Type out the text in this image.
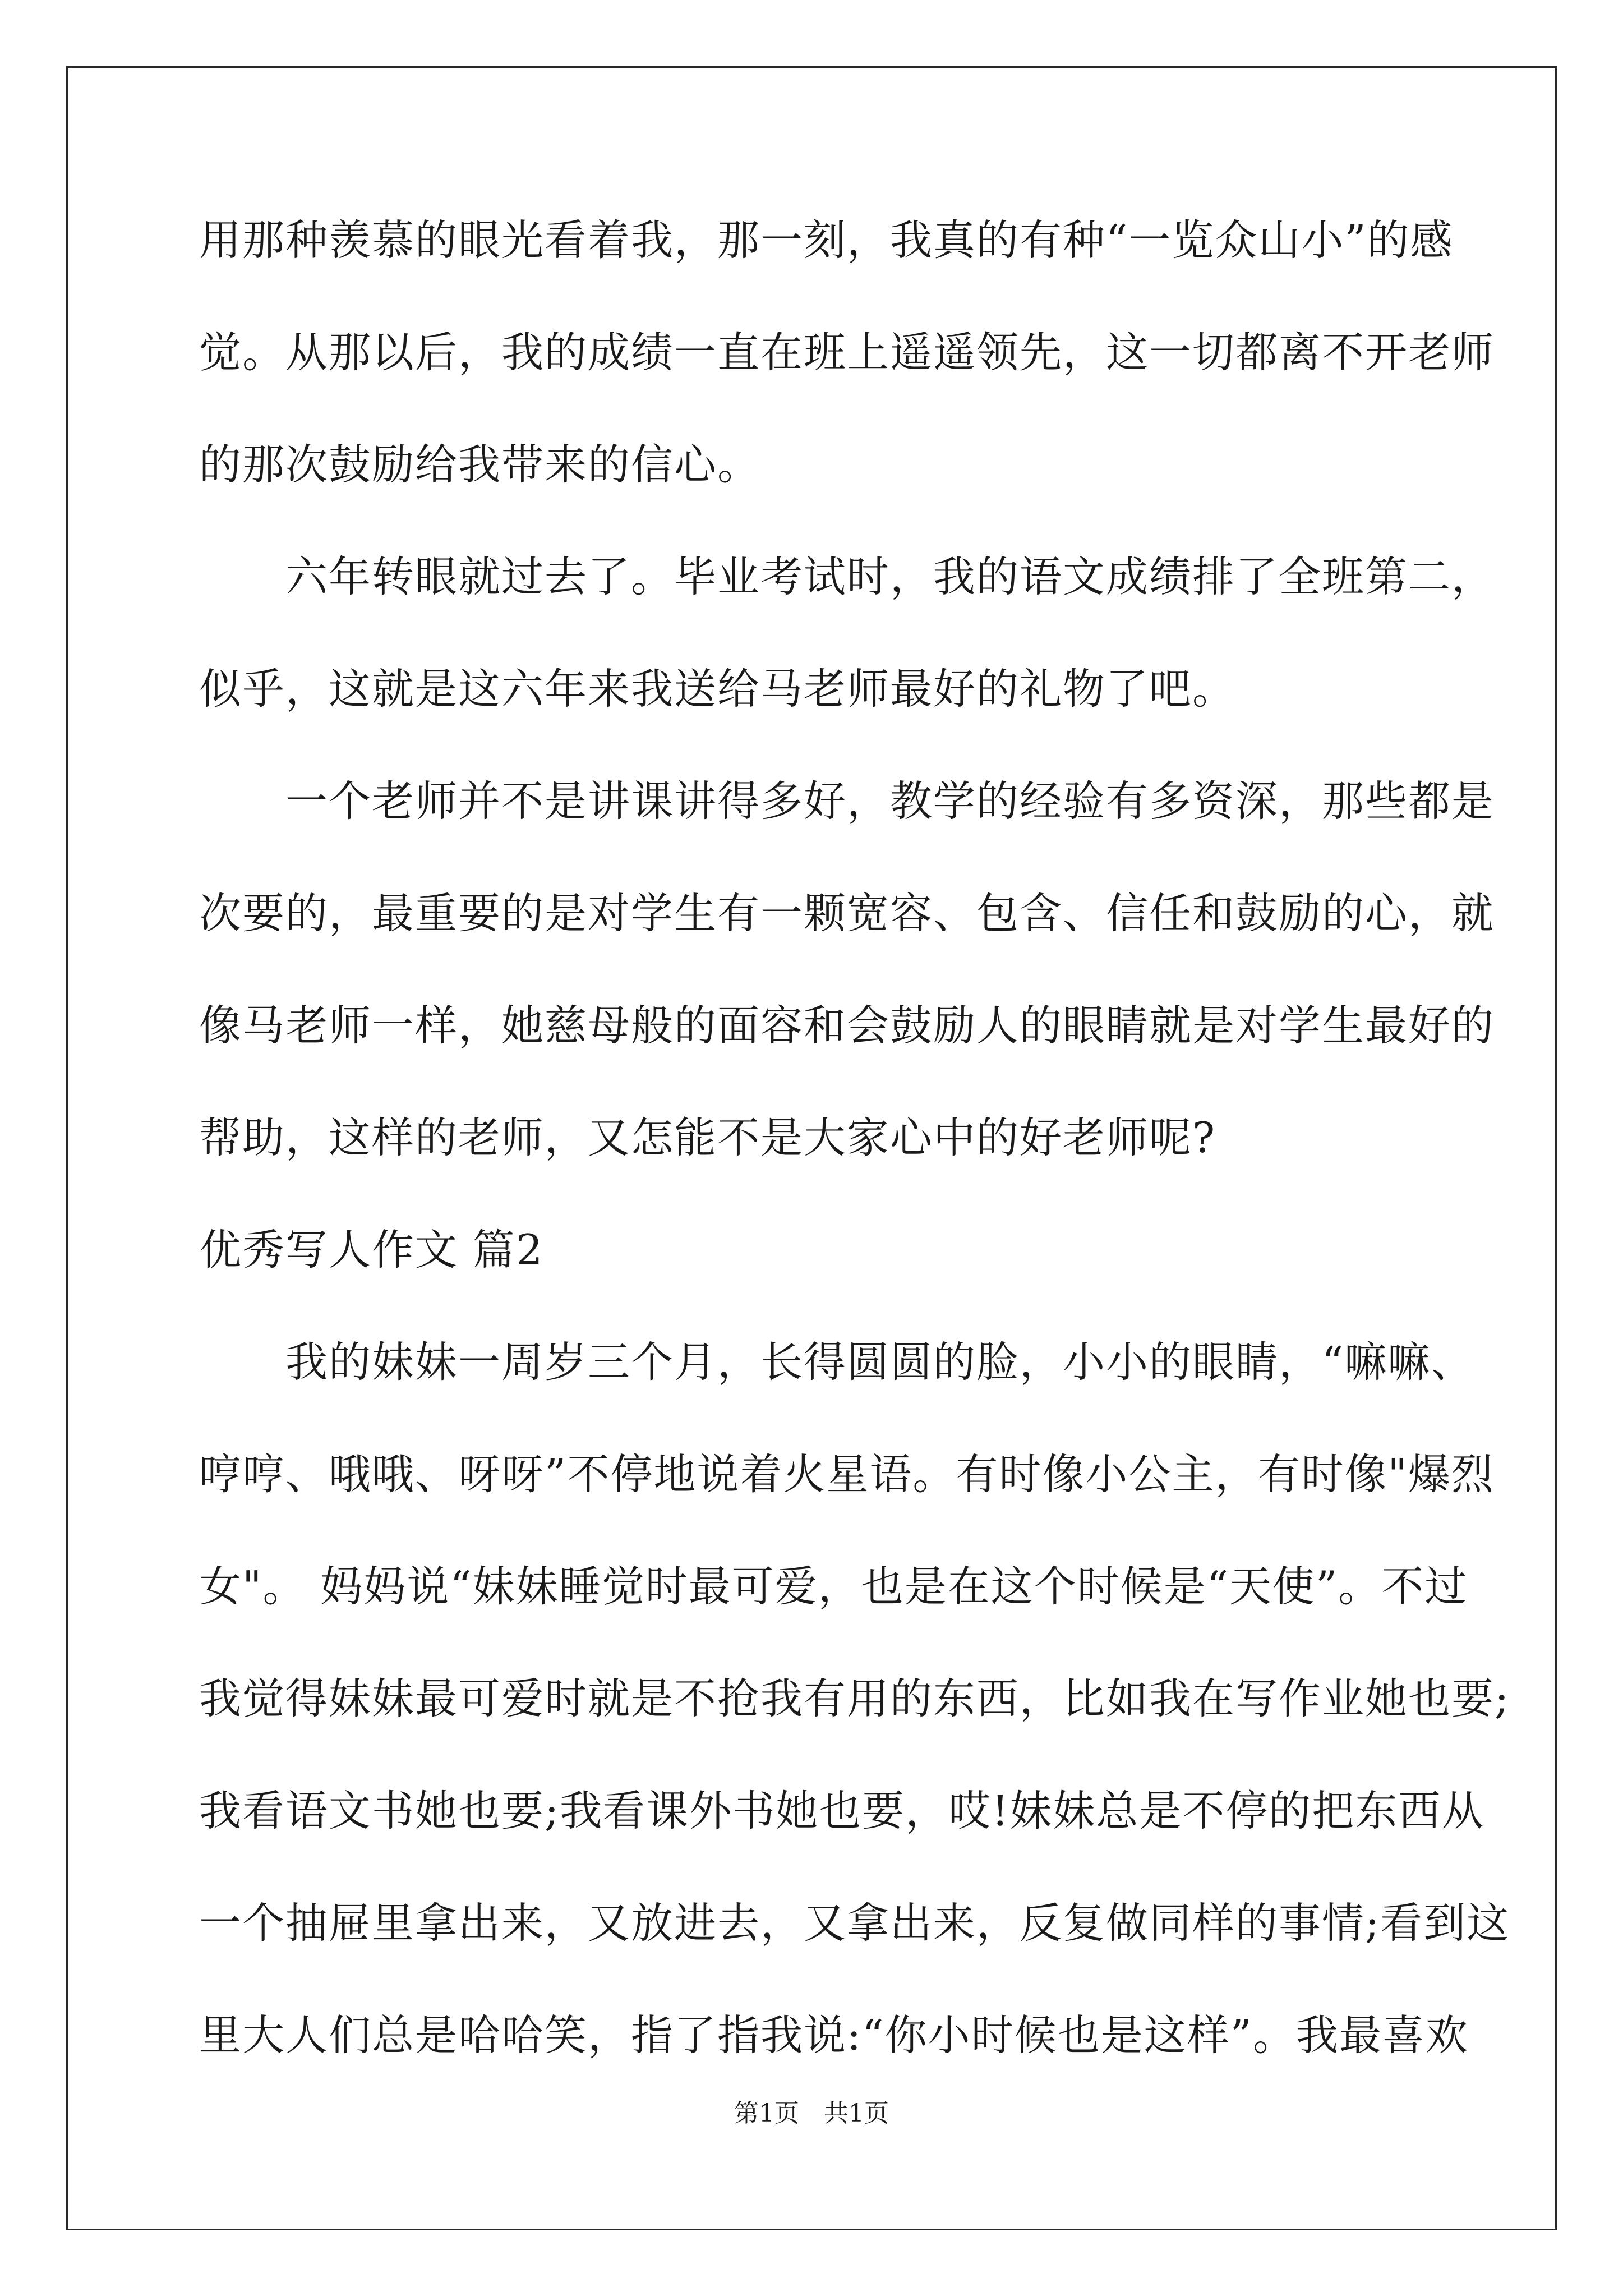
用那种羡慕的眼光看着我，那一刻，我真的有种“一览众山小”的感
觉。从那以后，我的成绩一直在班上遥遥领先，这一切都离不开老师
的那次鼓励给我带来的信心。
　　六年转眼就过去了。毕业考试时，我的语文成绩排了全班第二，
似乎，这就是这六年来我送给马老师最好的礼物了吧。
　　一个老师并不是讲课讲得多好，教学的经验有多资深，那些都是
次要的，最重要的是对学生有一颗宽容、包含、信任和鼓励的心，就
像马老师一样，她慈母般的面容和会鼓励人的眼睛就是对学生最好的
帮助，这样的老师，又怎能不是大家心中的好老师呢?
优秀写人作文 篇2
　　我的妹妹一周岁三个月，长得圆圆的脸，小小的眼睛，“嘛嘛、
哼哼、哦哦、呀呀”不停地说着火星语。有时像小公主，有时像"爆烈
女"。 妈妈说“妹妹睡觉时最可爱，也是在这个时候是“天使”。不过
我觉得妹妹最可爱时就是不抢我有用的东西，比如我在写作业她也要;
我看语文书她也要;我看课外书她也要，哎!妹妹总是不停的把东西从
一个抽屉里拿出来，又放进去，又拿出来，反复做同样的事情;看到这
里大人们总是哈哈笑，指了指我说:“你小时候也是这样”。我最喜欢
第1页　共1页
